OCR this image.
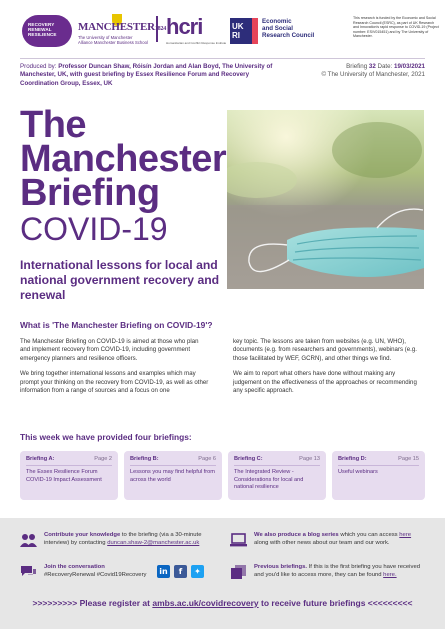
RECOVERY RENEWAL RESILIENCE
MANCHESTER1824
The University of Manchester
Alliance Manchester Business School
hcri
Humanitarian and Conflict Response Institute
UK RI
Economic
and Social
Research Council
This research is funded by the Economic and Social Research Council (ESRC), as part of UK Research and Innovation's rapid response to COVID-19 (Project number: ES/V015451) and by The University of Manchester.
Produced by: Professor Duncan Shaw, Róisín Jordan and Alan Boyd, The University of Manchester, UK, with guest briefing by Essex Resilience Forum and Recovery Coordination Group, Essex, UK
Briefing 32 Date: 19/03/2021
© The University of Manchester, 2021
The
Manchester
Briefing
COVID-19
International lessons for local and national government recovery and renewal
What is 'The Manchester Briefing on COVID-19'?

The Manchester Briefing on COVID-19 is aimed at those who plan and implement recovery from COVID-19, including government emergency planners and resilience officers.

We bring together international lessons and examples which may prompt your thinking on the recovery from COVID-19, as well as other information from a range of sources and a focus on one

key topic. The lessons are taken from websites (e.g. UN, WHO), documents (e.g. from researchers and governments), webinars (e.g. those facilitated by WEF, GCRN), and other things we find.

We aim to report what others have done without making any judgement on the effectiveness of the approaches or recommending any specific approach.

This week we have provided four briefings:
Briefing A:	Page 2
The Essex Resilience Forum COVID-19 Impact Assessment
Briefing B:	Page 6
Lessons you may find helpful from across the world
Briefing C:	Page 13
The Integrated Review - Considerations for local and national resilience
Briefing D:	Page 15
Useful webinars
Contribute your knowledge to the briefing (via a 30-minute interview) by contacting duncan.shaw-2@manchester.ac.uk
We also produce a blog series which you can access here along with other news about our team and our work.
Join the conversation
#RecoveryRenewal #Covid19Recovery	in	f	✦	Previous briefings. If this is the first briefing you have received and you'd like to access more, they can be found here.
>>>>>>>>> Please register at ambs.ac.uk/covidrecovery to receive future briefings <<<<<<<<<
